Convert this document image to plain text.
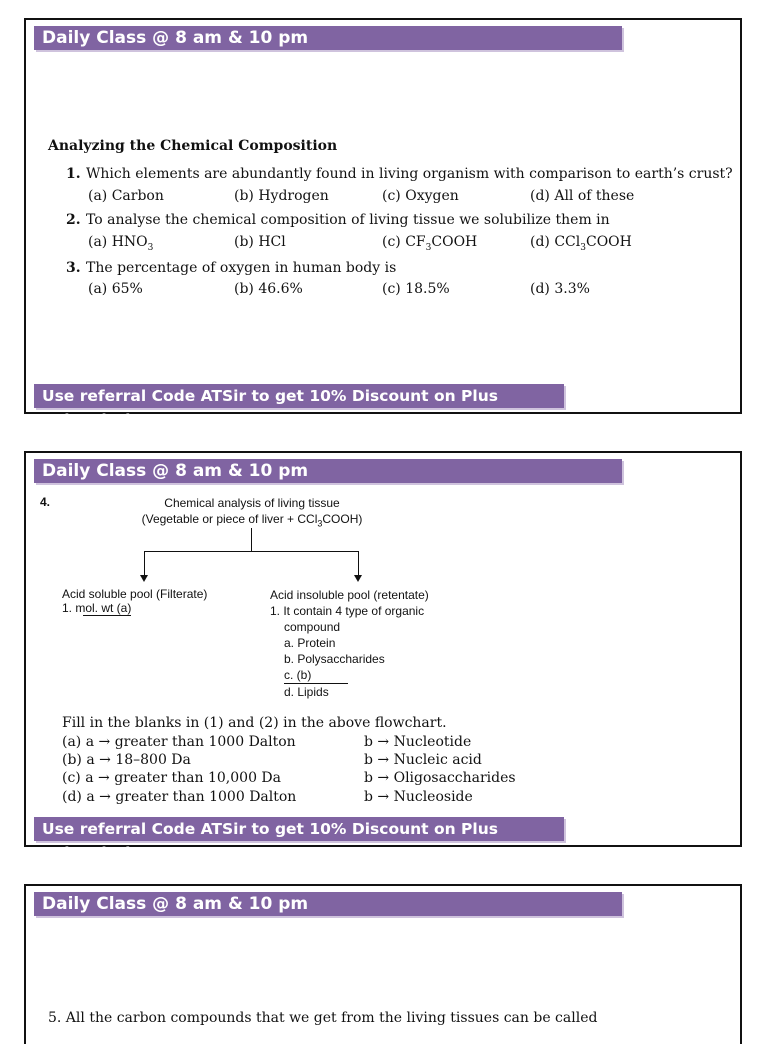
Daily Class @ 8 am & 10 pm
Analyzing the Chemical Composition
1. Which elements are abundantly found in living organism with comparison to earth’s crust?
(a) Carbon	(b) Hydrogen	(c) Oxygen	(d) All of these
2. To analyse the chemical composition of living tissue we solubilize them in
(a) $HNO_3$	(b) HCl	(c) $CF_3COOH$	(d) CCl$_3$COOH
3. The percentage of oxygen in human body is
(a) 65%	(b) 46.6%	(c) 18.5%	(d) 3.3%
Use referral Code ATSir to get 10% Discount on Plus Subscription
Daily Class @ 8 am & 10 pm
4.	Chemical analysis of living tissue
(Vegetable or piece of liver + CCl$_3$COOH)
Acid soluble pool (Filterate)
1. mol. wt (a)
Acid insoluble pool (retentate)
1. It contain 4 type of organic
compound
a. Protein
b. Polysaccharides
c. (b)
d. Lipids
Fill in the blanks in (1) and (2) in the above flowchart.
(a) a → greater than 1000 Dalton	b → Nucleotide
(b) a → 18–800 Da	b → Nucleic acid
(c) a → greater than 10,000 Da	b → Oligosaccharides
(d) a → greater than 1000 Dalton	b → Nucleoside
Use referral Code ATSir to get 10% Discount on Plus Subscription
Daily Class @ 8 am & 10 pm
5. All the carbon compounds that we get from the living tissues can be called
